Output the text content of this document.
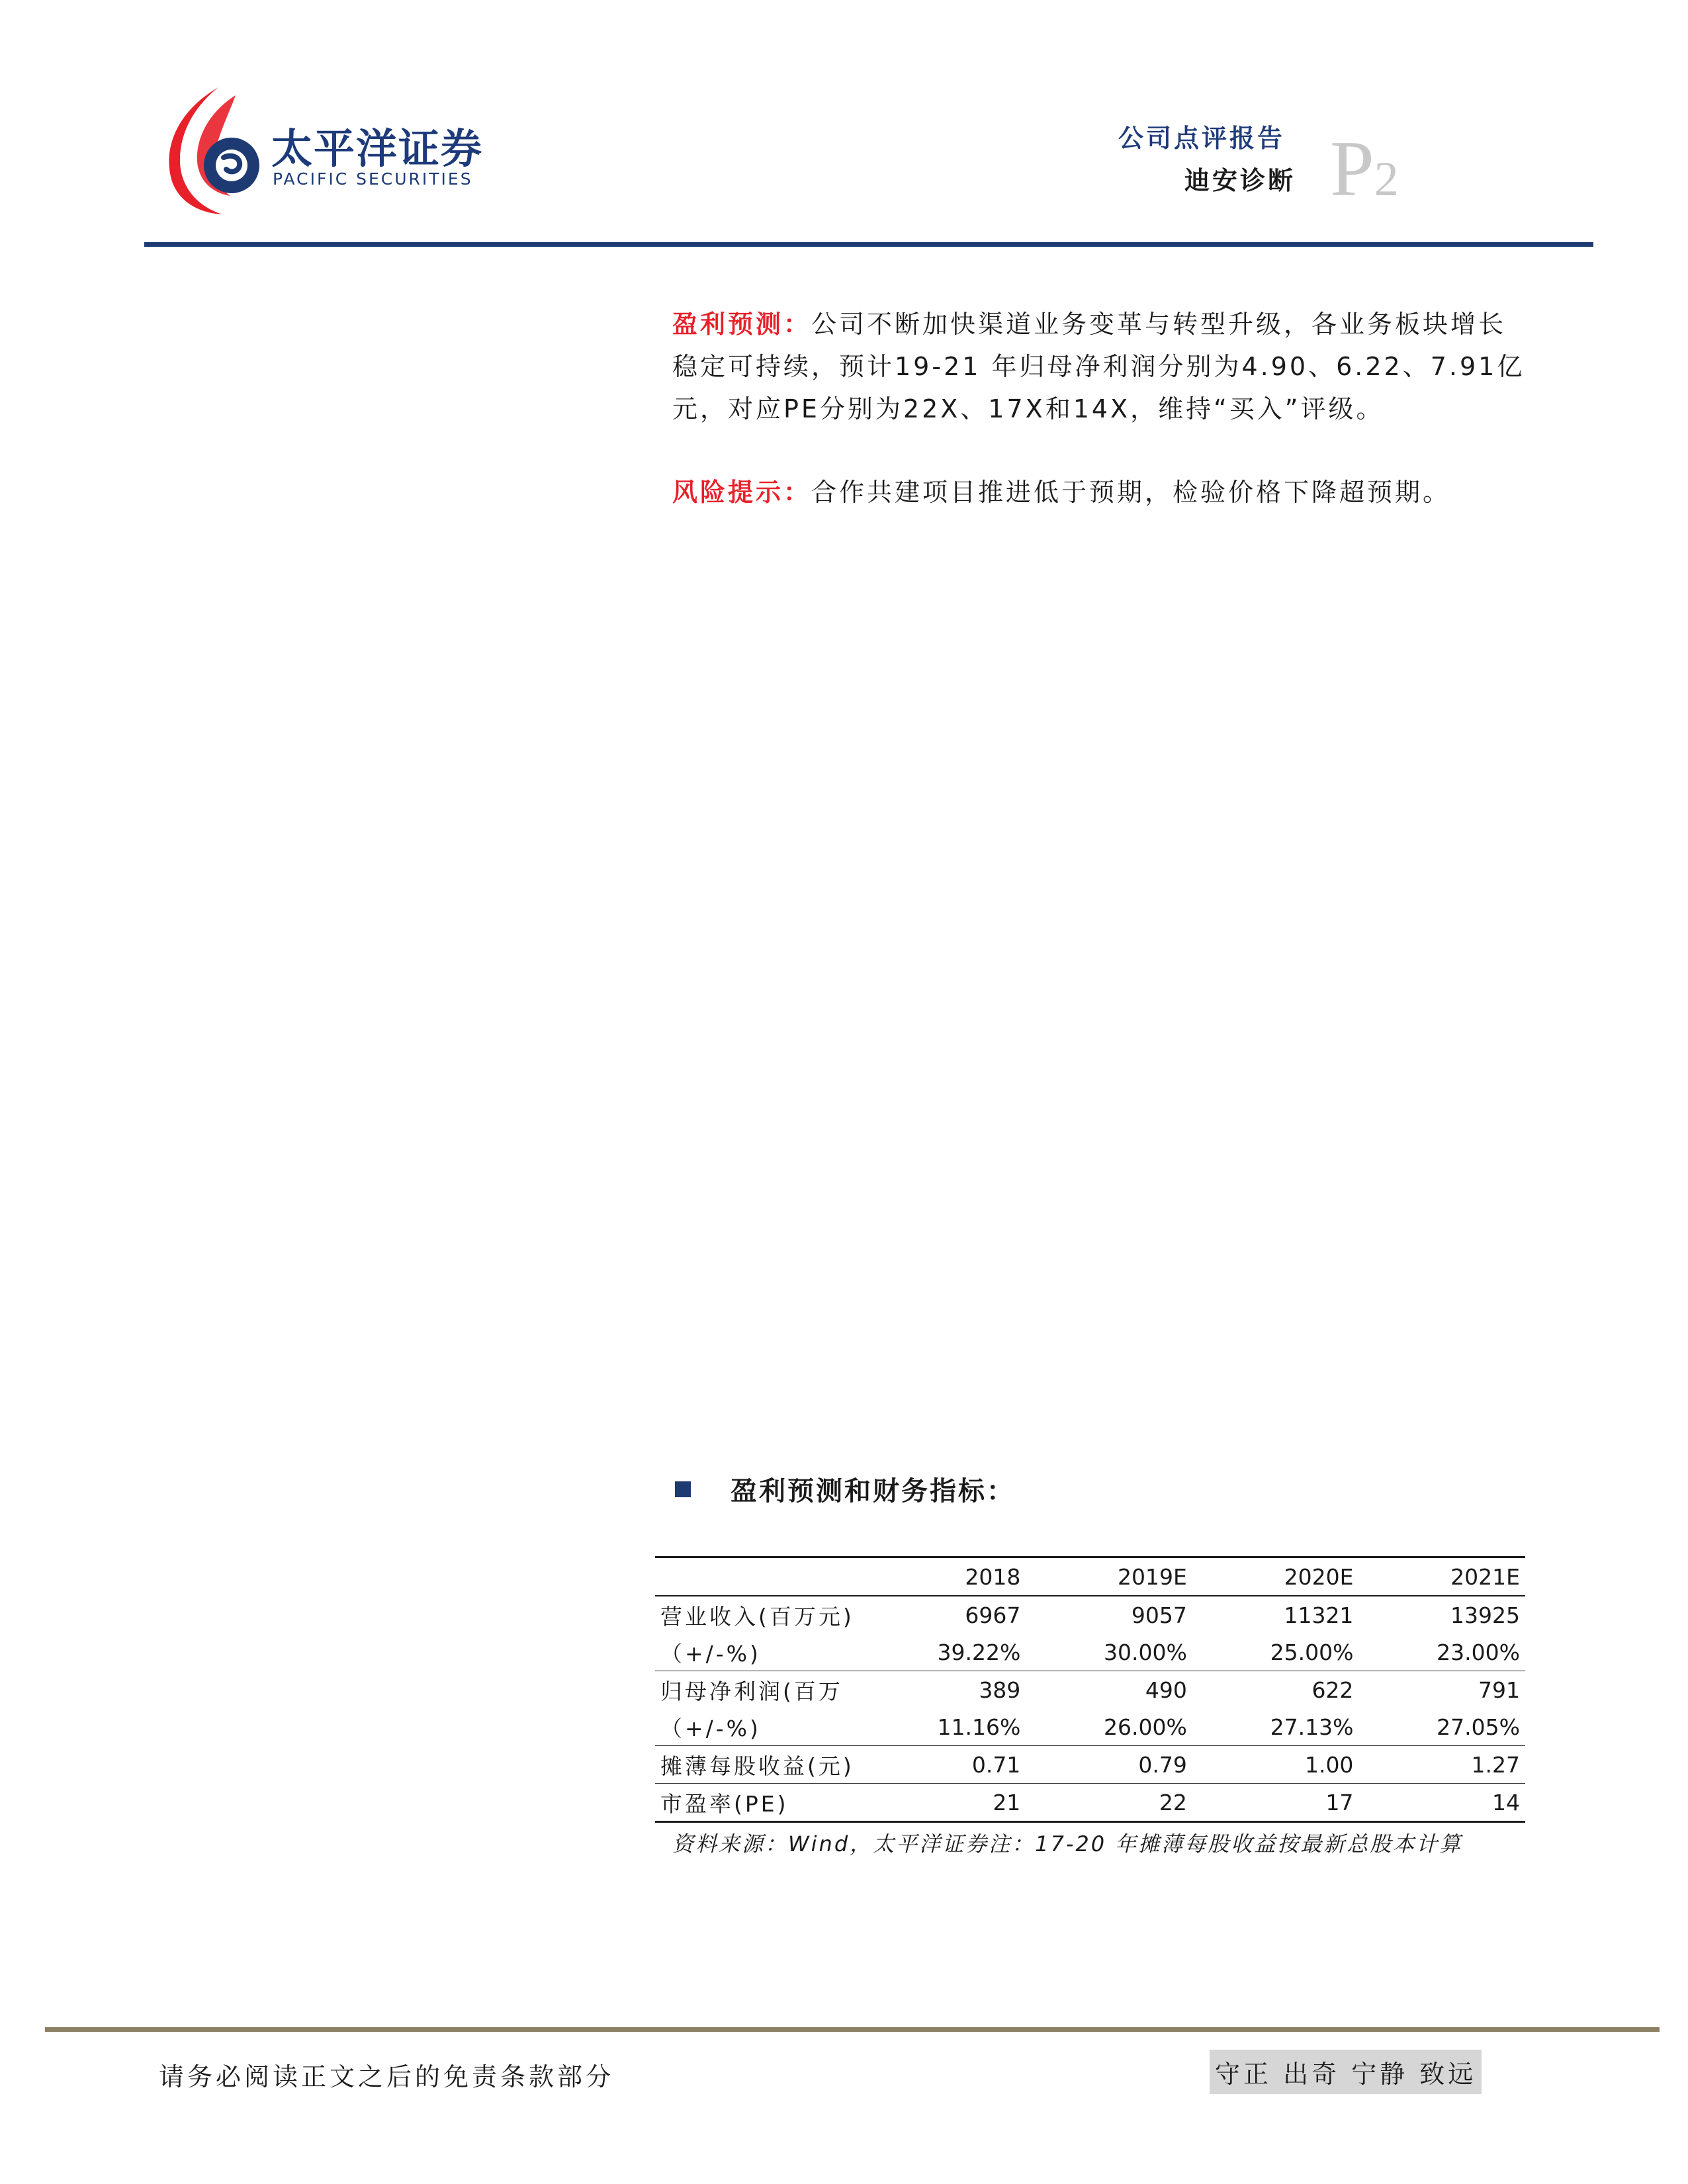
太平洋证券
PACIFIC SECURITIES
公司点评报告
迪安诊断 P2
盈利预测：公司不断加快渠道业务变革与转型升级，各业务板块增长稳定可持续，预计19-21 年归母净利润分别为4.90、6.22、7.91亿元，对应PE分别为22X、17X和14X，维持“买入”评级。
风险提示：合作共建项目推进低于预期，检验价格下降超预期。
盈利预测和财务指标：
	2018	2019E	2020E	2021E
营业收入(百万元)	6967	9057	11321	13925
（+/-%)	39.22%	30.00%	25.00%	23.00%
归母净利润(百万	389	490	622	791
（+/-%)	11.16%	26.00%	27.13%	27.05%
摊薄每股收益(元)	0.71	0.79	1.00	1.27
市盈率(PE)	21	22	17	14
资料来源：Wind，太平洋证券注：17-20 年摊薄每股收益按最新总股本计算
请务必阅读正文之后的免责条款部分	守正 出奇 宁静 致远
